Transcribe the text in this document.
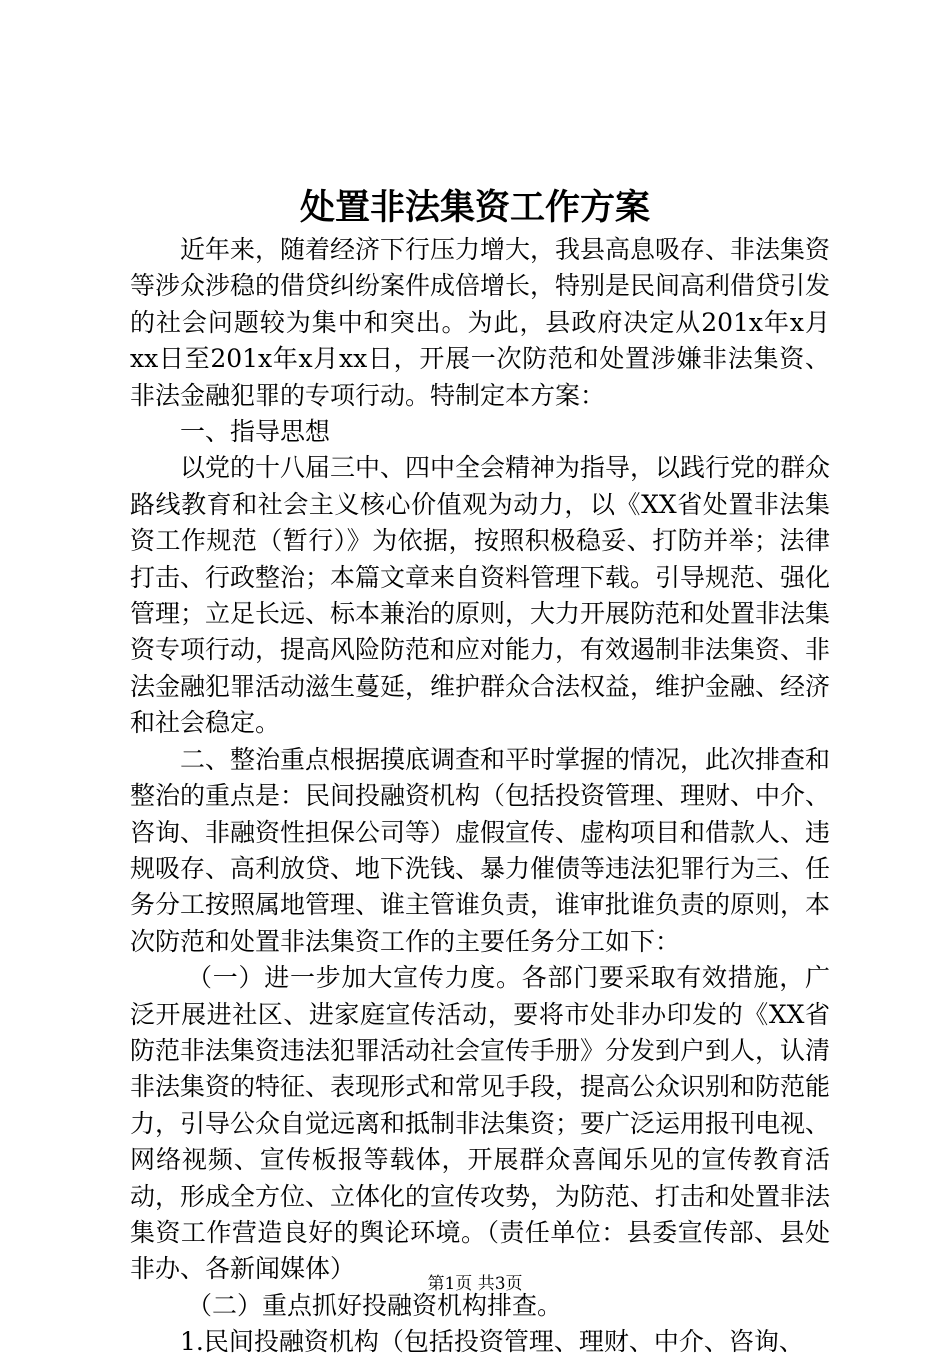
处置非法集资工作方案

近年来，随着经济下行压力增大，我县高息吸存、非法集资等涉众涉稳的借贷纠纷案件成倍增长，特别是民间高利借贷引发的社会问题较为集中和突出。为此，县政府决定从201x年x月xx日至201x年x月xx日，开展一次防范和处置涉嫌非法集资、非法金融犯罪的专项行动。特制定本方案：

一、指导思想

以党的十八届三中、四中全会精神为指导，以践行党的群众路线教育和社会主义核心价值观为动力，以《XX省处置非法集资工作规范（暂行）》为依据，按照积极稳妥、打防并举；法律打击、行政整治；本篇文章来自资料管理下载。引导规范、强化管理；立足长远、标本兼治的原则，大力开展防范和处置非法集资专项行动，提高风险防范和应对能力，有效遏制非法集资、非法金融犯罪活动滋生蔓延，维护群众合法权益，维护金融、经济和社会稳定。

二、整治重点根据摸底调查和平时掌握的情况，此次排查和整治的重点是：民间投融资机构（包括投资管理、理财、中介、咨询、非融资性担保公司等）虚假宣传、虚构项目和借款人、违规吸存、高利放贷、地下洗钱、暴力催债等违法犯罪行为三、任务分工按照属地管理、谁主管谁负责，谁审批谁负责的原则，本次防范和处置非法集资工作的主要任务分工如下：

（一）进一步加大宣传力度。各部门要采取有效措施，广泛开展进社区、进家庭宣传活动，要将市处非办印发的《XX省防范非法集资违法犯罪活动社会宣传手册》分发到户到人，认清非法集资的特征、表现形式和常见手段，提高公众识别和防范能力，引导公众自觉远离和抵制非法集资；要广泛运用报刊电视、网络视频、宣传板报等载体，开展群众喜闻乐见的宣传教育活动，形成全方位、立体化的宣传攻势，为防范、打击和处置非法集资工作营造良好的舆论环境。（责任单位：县委宣传部、县处非办、各新闻媒体）

（二）重点抓好投融资机构排查。

1.民间投融资机构（包括投资管理、理财、中介、咨询、

第1页 共3页
